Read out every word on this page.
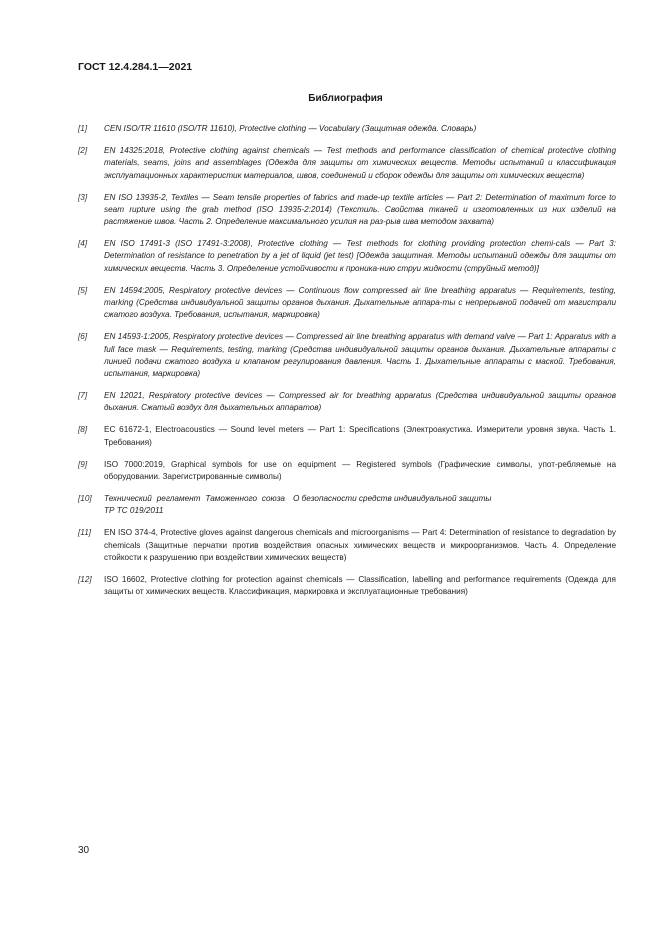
ГОСТ 12.4.284.1—2021
Библиография
[1]	CEN ISO/TR 11610 (ISO/TR 11610), Protective clothing — Vocabulary (Защитная одежда. Словарь)
[2]	EN 14325:2018, Protective clothing against chemicals — Test methods and performance classification of chemical protective clothing materials, seams, joins and assemblages (Одежда для защиты от химических веществ. Методы испытаний и классификация эксплуатационных характеристик материалов, швов, соединений и сборок одежды для защиты от химических веществ)
[3]	EN ISO 13935-2, Textiles — Seam tensile properties of fabrics and made-up textile articles — Part 2: Determination of maximum force to seam rupture using the grab method (ISO 13935-2:2014) (Текстиль. Свойства тканей и изготовленных из них изделий на растяжение швов. Часть 2. Определение максимального усилия на раз-рыв шва методом захвата)
[4]	EN ISO 17491-3 (ISO 17491-3:2008), Protective clothing — Test methods for clothing providing protection chemi-cals — Part 3: Determination of resistance to penetration by a jet of liquid (jet test) [Одежда защитная. Методы испытаний одежды для защиты от химических веществ. Часть 3. Определение устойчивости к проника-нию струи жидкости (струйный метод)]
[5]	EN 14594:2005, Respiratory protective devices — Continuous flow compressed air line breathing apparatus — Requirements, testing, marking (Средства индивидуальной защиты органов дыхания. Дыхательные аппара-ты с непрерывной подачей от магистрали сжатого воздуха. Требования, испытания, маркировка)
[6]	EN 14593-1:2005, Respiratory protective devices — Compressed air line breathing apparatus with demand valve — Part 1: Apparatus with a full face mask — Requirements, testing, marking (Средства индивидуальной защиты органов дыхания. Дыхательные аппараты с линией подачи сжатого воздуха и клапаном регулирования давления. Часть 1. Дыхательные аппараты с маской. Требования, испытания, маркировка)
[7]	EN 12021, Respiratory protective devices — Compressed air for breathing apparatus (Средства индивидуальной защиты органов дыхания. Сжатый воздух для дыхательных аппаратов)
[8]	EC 61672-1, Electroacoustics — Sound level meters — Part 1: Specifications (Электроакустика. Измерители уровня звука. Часть 1. Требования)
[9]	ISO 7000:2019, Graphical symbols for use on equipment — Registered symbols (Графические символы, упот-ребляемые на оборудовании. Зарегистрированные символы)
[10]	Технический регламент Таможенного союза ТР ТС 019/2011
О безопасности средств индивидуальной защиты
[11]	EN ISO 374-4, Protective gloves against dangerous chemicals and microorganisms — Part 4: Determination of resistance to degradation by chemicals (Защитные перчатки против воздействия опасных химических веществ и микроорганизмов. Часть 4. Определение стойкости к разрушению при воздействии химических веществ)
[12]	ISO 16602, Protective clothing for protection against chemicals — Classification, labelling and performance requirements (Одежда для защиты от химических веществ. Классификация, маркировка и эксплуатационные требования)
30
